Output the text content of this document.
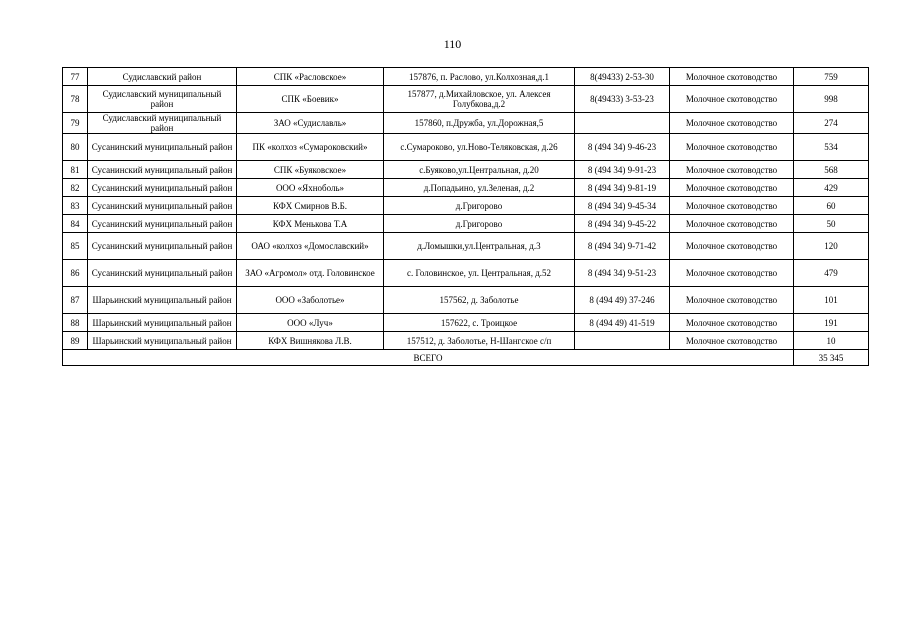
110
77	Судиславский район	СПК «Расловское»	157876, п. Раслово, ул.Колхозная,д.1	8(49433) 2-53-30	Молочное скотоводство	759
78	Судиславский муниципальный район	СПК «Боевик»	157877, д.Михайловское, ул. Алексея Голубкова,д.2	8(49433) 3-53-23	Молочное скотоводство	998
79	Судиславский муниципальный район	ЗАО «Судиславль»	157860, п.Дружба, ул.Дорожная,5		Молочное скотоводство	274
80	Сусанинский муниципальный район	ПК «колхоз «Сумароковский»	с.Сумароково, ул.Ново-Теляковская, д.26	8 (494 34) 9-46-23	Молочное скотоводство	534
81	Сусанинский муниципальный район	СПК «Буяковское»	с.Буяково,ул.Центральная, д.20	8 (494 34) 9-91-23	Молочное скотоводство	568
82	Сусанинский муниципальный район	ООО «Яхноболь»	д.Попадьино, ул.Зеленая, д.2	8 (494 34) 9-81-19	Молочное скотоводство	429
83	Сусанинский муниципальный район	КФХ Смирнов В.Б.	д.Григорово	8 (494 34) 9-45-34	Молочное скотоводство	60
84	Сусанинский муниципальный район	КФХ Менькова Т.А	д.Григорово	8 (494 34) 9-45-22	Молочное скотоводство	50
85	Сусанинский муниципальный район	ОАО «колхоз «Домославский»	д.Ломышки,ул.Центральная, д.3	8 (494 34) 9-71-42	Молочное скотоводство	120
86	Сусанинский муниципальный район	ЗАО «Агромол» отд. Головинское	с. Головинское, ул. Центральная, д.52	8 (494 34) 9-51-23	Молочное скотоводство	479
87	Шарьинский муниципальный район	ООО «Заболотье»	157562, д. Заболотье	8 (494 49) 37-246	Молочное скотоводство	101
88	Шарьинский муниципальный район	ООО «Луч»	157622, с. Троицкое	8 (494 49) 41-519	Молочное скотоводство	191
89	Шарьинский муниципальный район	КФХ Вишнякова Л.В.	157512, д. Заболотье, Н-Шангское с/п		Молочное скотоводство	10
ВСЕГО						35 345
